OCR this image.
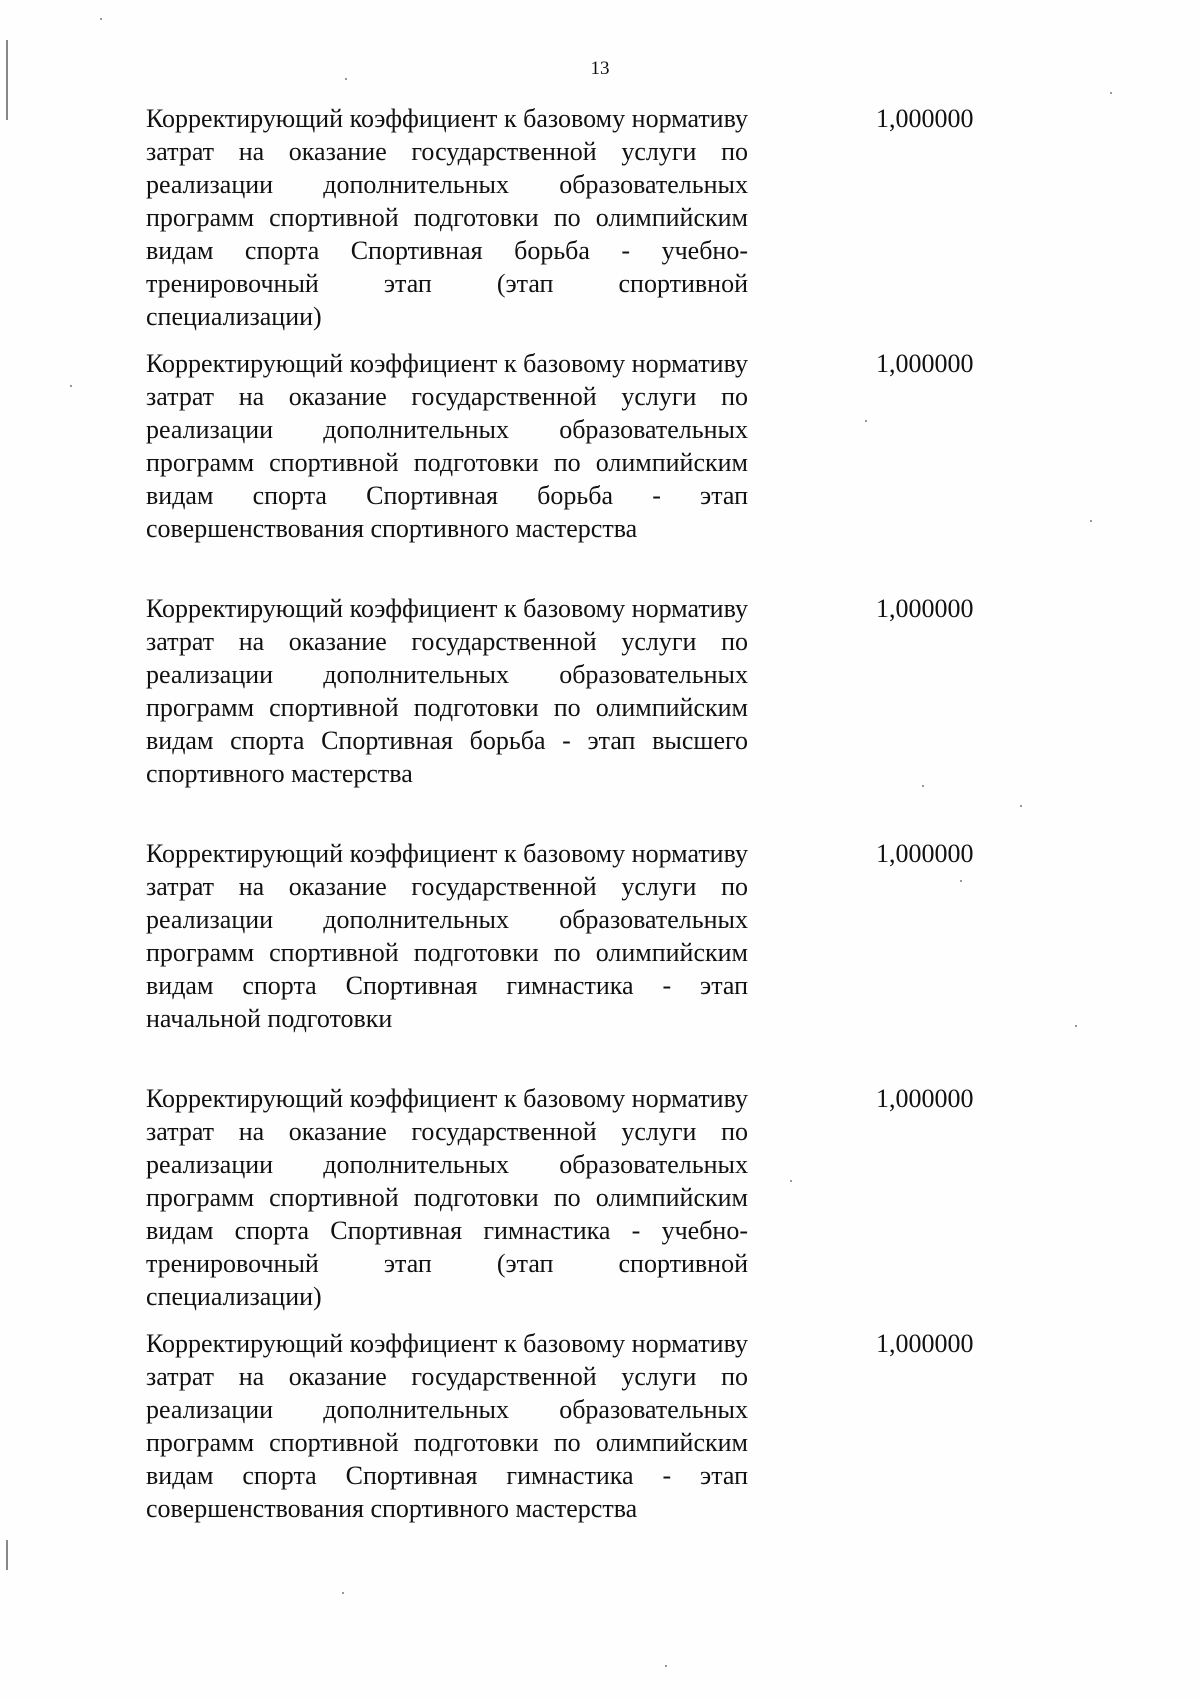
13

Корректирующий коэффициент к базовому нормативу затрат на оказание государственной услуги по реализации дополнительных образовательных программ спортивной подготовки по олимпийским видам спорта Спортивная борьба - учебно-тренировочный этап (этап спортивной специализации)

1,000000

Корректирующий коэффициент к базовому нормативу затрат на оказание государственной услуги по реализации дополнительных образовательных программ спортивной подготовки по олимпийским видам спорта Спортивная борьба - этап совершенствования спортивного мастерства

1,000000

Корректирующий коэффициент к базовому нормативу затрат на оказание государственной услуги по реализации дополнительных образовательных программ спортивной подготовки по олимпийским видам спорта Спортивная борьба - этап высшего спортивного мастерства

1,000000

Корректирующий коэффициент к базовому нормативу затрат на оказание государственной услуги по реализации дополнительных образовательных программ спортивной подготовки по олимпийским видам спорта Спортивная гимнастика - этап начальной подготовки

1,000000

Корректирующий коэффициент к базовому нормативу затрат на оказание государственной услуги по реализации дополнительных образовательных программ спортивной подготовки по олимпийским видам спорта Спортивная гимнастика - учебно-тренировочный этап (этап спортивной специализации)

1,000000

Корректирующий коэффициент к базовому нормативу затрат на оказание государственной услуги по реализации дополнительных образовательных программ спортивной подготовки по олимпийским видам спорта Спортивная гимнастика - этап совершенствования спортивного мастерства

1,000000
